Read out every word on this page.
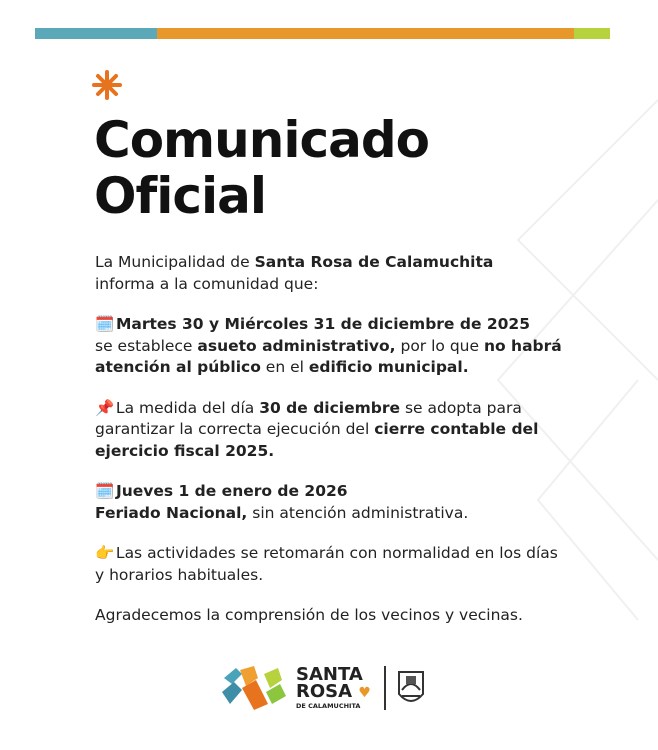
Comunicado
Oficial

La Municipalidad de Santa Rosa de Calamuchita
informa a la comunidad que:

🗓️ Martes 30 y Miércoles 31 de diciembre de 2025
se establece asueto administrativo, por lo que no habrá atención al público en el edificio municipal.

📌 La medida del día 30 de diciembre se adopta para garantizar la correcta ejecución del cierre contable del ejercicio fiscal 2025.

🗓️ Jueves 1 de enero de 2026
Feriado Nacional, sin atención administrativa.

👉 Las actividades se retomarán con normalidad en los días y horarios habituales.

Agradecemos la comprensión de los vecinos y vecinas.

SANTA
ROSA ♥
DE CALAMUCHITA
